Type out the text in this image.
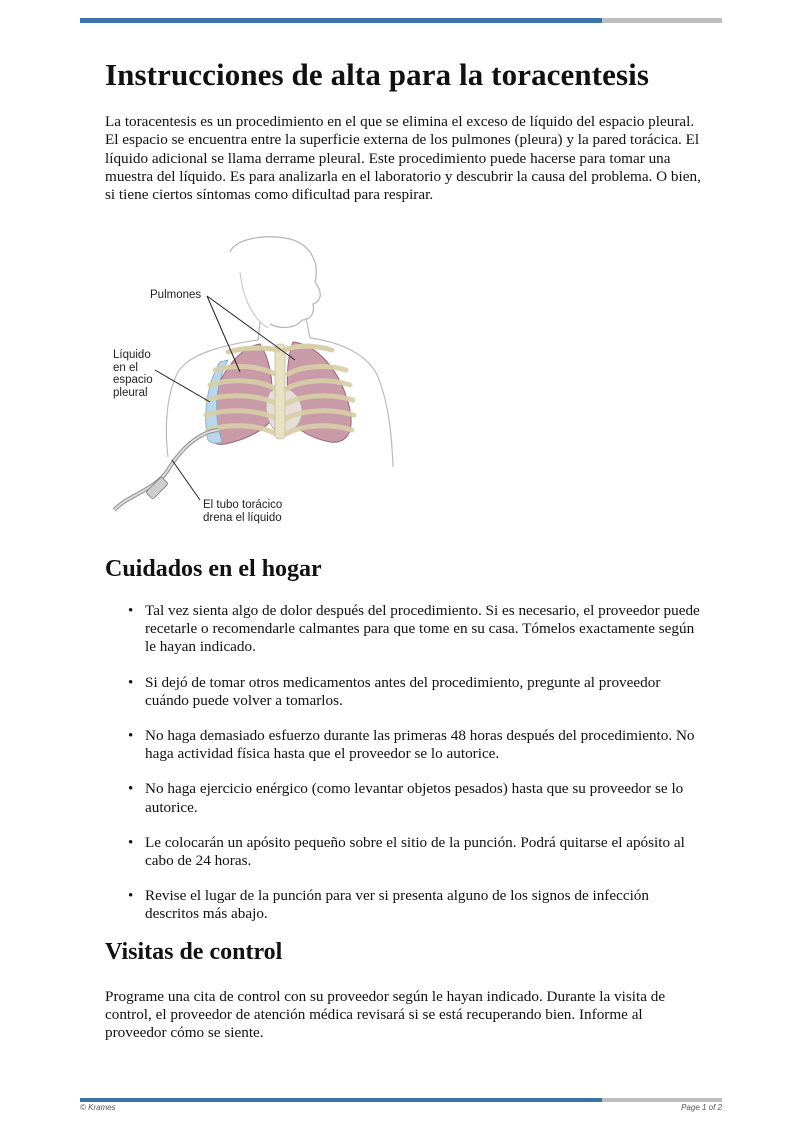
Instrucciones de alta para la toracentesis

La toracentesis es un procedimiento en el que se elimina el exceso de líquido del espacio pleural. El espacio se encuentra entre la superficie externa de los pulmones (pleura) y la pared torácica. El líquido adicional se llama derrame pleural. Este procedimiento puede hacerse para tomar una muestra del líquido. Es para analizarla en el laboratorio y descubrir la causa del problema. O bien, si tiene ciertos síntomas como dificultad para respirar.

Pulmones
Líquido
en el
espacio
pleural
El tubo torácico
drena el líquido
Cuidados en el hogar
• Tal vez sienta algo de dolor después del procedimiento. Si es necesario, el proveedor puede recetarle o recomendarle calmantes para que tome en su casa. Tómelos exactamente según le hayan indicado.
• Si dejó de tomar otros medicamentos antes del procedimiento, pregunte al proveedor cuándo puede volver a tomarlos.
• No haga demasiado esfuerzo durante las primeras 48 horas después del procedimiento. No haga actividad física hasta que el proveedor se lo autorice.
• No haga ejercicio enérgico (como levantar objetos pesados) hasta que su proveedor se lo autorice.
• Le colocarán un apósito pequeño sobre el sitio de la punción. Podrá quitarse el apósito al cabo de 24 horas.
• Revise el lugar de la punción para ver si presenta alguno de los signos de infección descritos más abajo.
Visitas de control

Programe una cita de control con su proveedor según le hayan indicado. Durante la visita de control, el proveedor de atención médica revisará si se está recuperando bien. Informe al proveedor cómo se siente.

© Krames	Page 1 of 2
